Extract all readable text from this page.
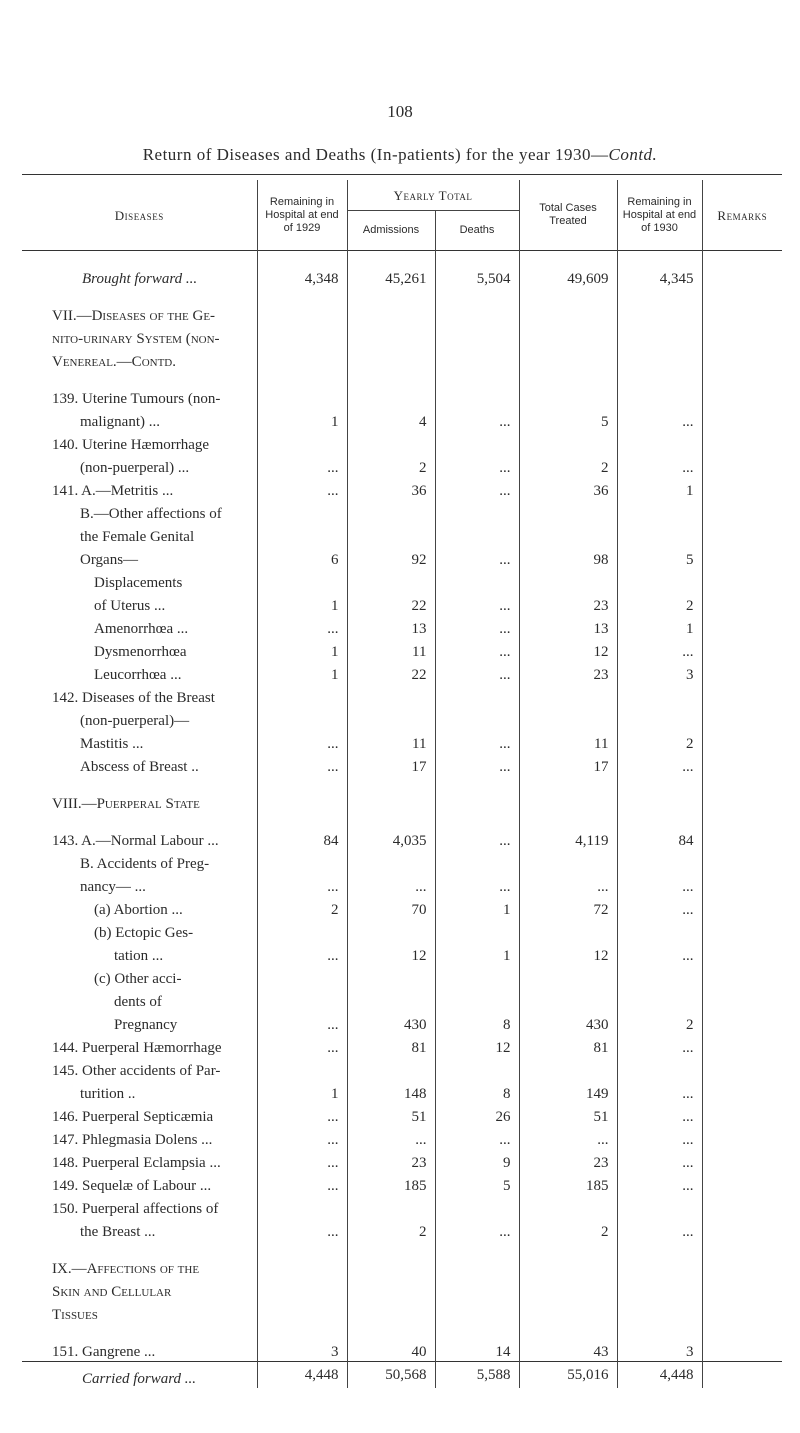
108
Return of Diseases and Deaths (In-patients) for the year 1930—Contd.
Diseases	Remaining in Hospital at end of 1929	Yearly Total		Total Cases Treated	Remaining in Hospital at end of 1930	Remarks
		Admissions	Deaths			

Brought forward ...	4,348	45,261	5,504	49,609	4,345	

VII.—Diseases of the Ge-						
nito-urinary System (non-						
Venereal.—Contd.						

139. Uterine Tumours (non-						
malignant) ...	1	4	...	5	...	
140. Uterine Hæmorrhage						
(non-puerperal) ...	...	2	...	2	...	
141. A.—Metritis ...	...	36	...	36	1	
B.—Other affections of						
the Female Genital						
Organs—	6	92	...	98	5	
Displacements						
of Uterus ...	1	22	...	23	2	
Amenorrhœa ...	...	13	...	13	1	
Dysmenorrhœa	1	11	...	12	...	
Leucorrhœa ...	1	22	...	23	3	
142. Diseases of the Breast						
(non-puerperal)—						
Mastitis ...	...	11	...	11	2	
Abscess of Breast ..	...	17	...	17	...	

VIII.—Puerperal State						

143. A.—Normal Labour ...	84	4,035	...	4,119	84	
B. Accidents of Preg-						
nancy— ...	...	...	...	...	...	
(a) Abortion ...	2	70	1	72	...	
(b) Ectopic Ges-						
tation ...	...	12	1	12	...	
(c) Other acci-						
dents of						
Pregnancy	...	430	8	430	2	
144. Puerperal Hæmorrhage	...	81	12	81	...	
145. Other accidents of Par-						
turition ..	1	148	8	149	...	
146. Puerperal Septicæmia	...	51	26	51	...	
147. Phlegmasia Dolens ...	...	...	...	...	...	
148. Puerperal Eclampsia ...	...	23	9	23	...	
149. Sequelæ of Labour ...	...	185	5	185	...	
150. Puerperal affections of						
the Breast ...	...	2	...	2	...	

IX.—Affections of the						
Skin and Cellular						
Tissues						

151. Gangrene ...	3	40	14	43	3	
Carried forward ...	4,448	50,568	5,588	55,016	4,448	
